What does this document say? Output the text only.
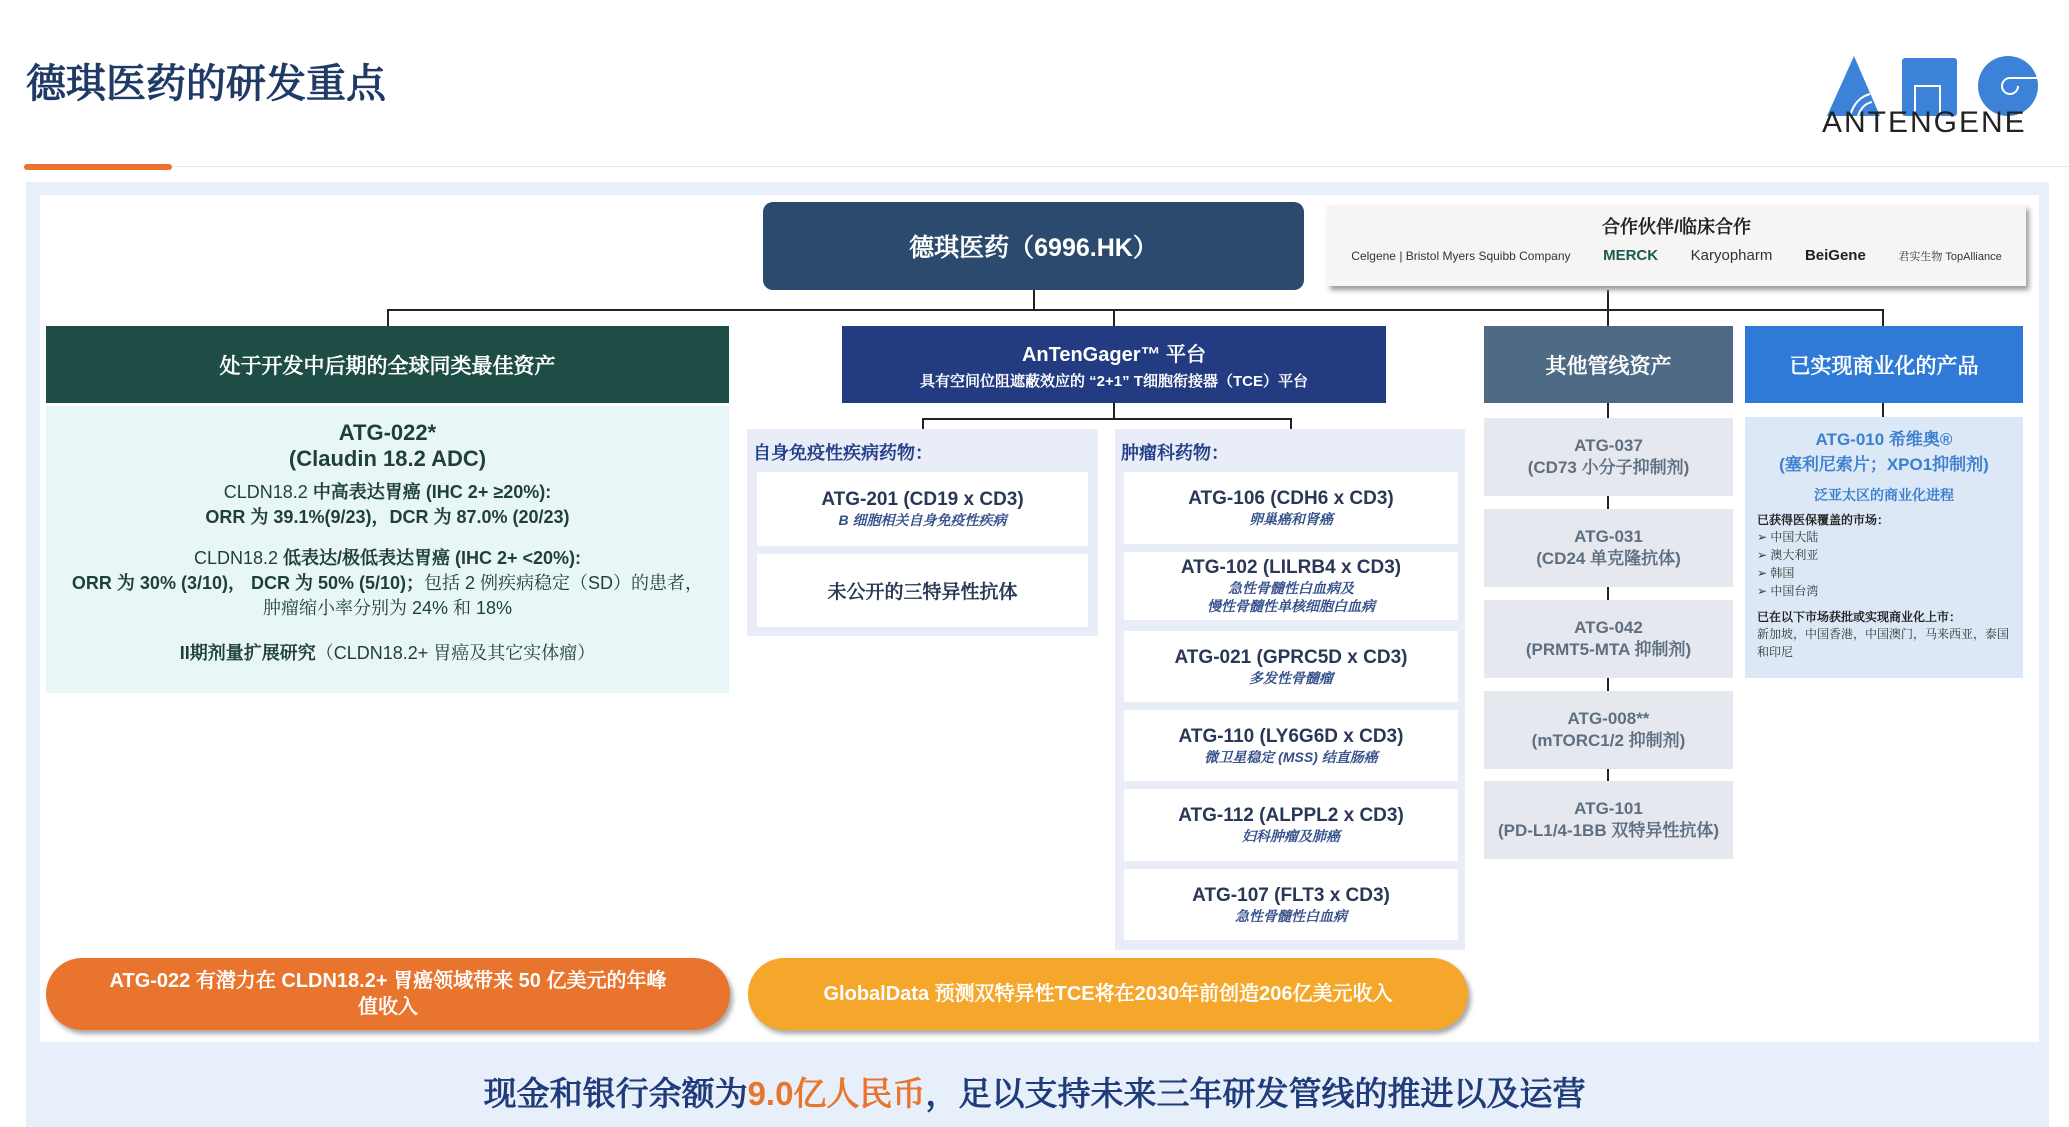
德琪医药的研发重点
ANTENGENE
德琪医药（6996.HK）
合作伙伴/临床合作
Celgene | Bristol Myers Squibb Company MERCK Karyopharm BeiGene	君实生物 TopAlliance
处于开发中后期的全球同类最佳资产	AnTenGager™ 平台
具有空间位阻遮蔽效应的 “2+1” T细胞衔接器（TCE）平台
其他管线资产	已实现商业化的产品
ATG-022*
(Claudin 18.2 ADC)
CLDN18.2 中高表达胃癌 (IHC 2+ ≥20%):
ORR 为 39.1%(9/23)，DCR 为 87.0% (20/23)
CLDN18.2 低表达/极低表达胃癌 (IHC 2+ <20%):
ORR 为 30% (3/10)， DCR 为 50% (5/10)；包括 2 例疾病稳定（SD）的患者，肿瘤缩小率分别为 24% 和 18%
II期剂量扩展研究（CLDN18.2+ 胃癌及其它实体瘤）
自身免疫性疾病药物：
ATG-201 (CD19 x CD3)
B 细胞相关自身免疫性疾病
未公开的三特异性抗体
肿瘤科药物：
ATG-106 (CDH6 x CD3)
卵巢癌和肾癌
ATG-102 (LILRB4 x CD3)
急性骨髓性白血病及
慢性骨髓性单核细胞白血病
ATG-021 (GPRC5D x CD3)
多发性骨髓瘤
ATG-110 (LY6G6D x CD3)
微卫星稳定 (MSS) 结直肠癌
ATG-112 (ALPPL2 x CD3)
妇科肿瘤及肺癌
ATG-107 (FLT3 x CD3)
急性骨髓性白血病
ATG-037
(CD73 小分子抑制剂)
ATG-031
(CD24 单克隆抗体)
ATG-042
(PRMT5-MTA 抑制剂)
ATG-008**
(mTORC1/2 抑制剂)
ATG-101
(PD-L1/4-1BB 双特异性抗体)
ATG-010 希维奥®
(塞利尼索片；XPO1抑制剂)
泛亚太区的商业化进程
已获得医保覆盖的市场：
➢ 中国大陆
➢ 澳大利亚
➢ 韩国
➢ 中国台湾
已在以下市场获批或实现商业化上市：
新加坡，中国香港，中国澳门，马来西亚，泰国和印尼
ATG-022 有潜力在 CLDN18.2+ 胃癌领域带来 50 亿美元的年峰值收入
GlobalData 预测双特异性TCE将在2030年前创造206亿美元收入
现金和银行余额为9.0亿人民币，足以支持未来三年研发管线的推进以及运营
